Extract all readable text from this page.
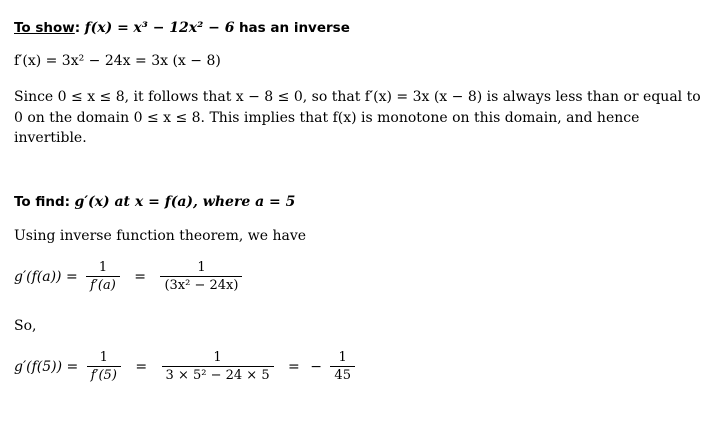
To show: f(x) = x³ − 12x² − 6 has an inverse
f′(x) = 3x² − 24x = 3x (x − 8)
Since 0 ≤ x ≤ 8, it follows that x − 8 ≤ 0, so that f′(x) = 3x (x − 8) is always less than or equal to
0 on the domain 0 ≤ x ≤ 8. This implies that f(x) is monotone on this domain, and hence
invertible.
To find: g′(x) at x = f(a), where a = 5
Using inverse function theorem, we have
$g'(f(a)) = \frac{1}{f'(a)} = \frac{1}{\text{(3x² − 24x)}}$
So,
$g'(f(5)) = \frac{1}{f'(5)} = \frac{1}{\text{3 × 5² − 24 × 5}}$ = − $\frac{1}{45}$
